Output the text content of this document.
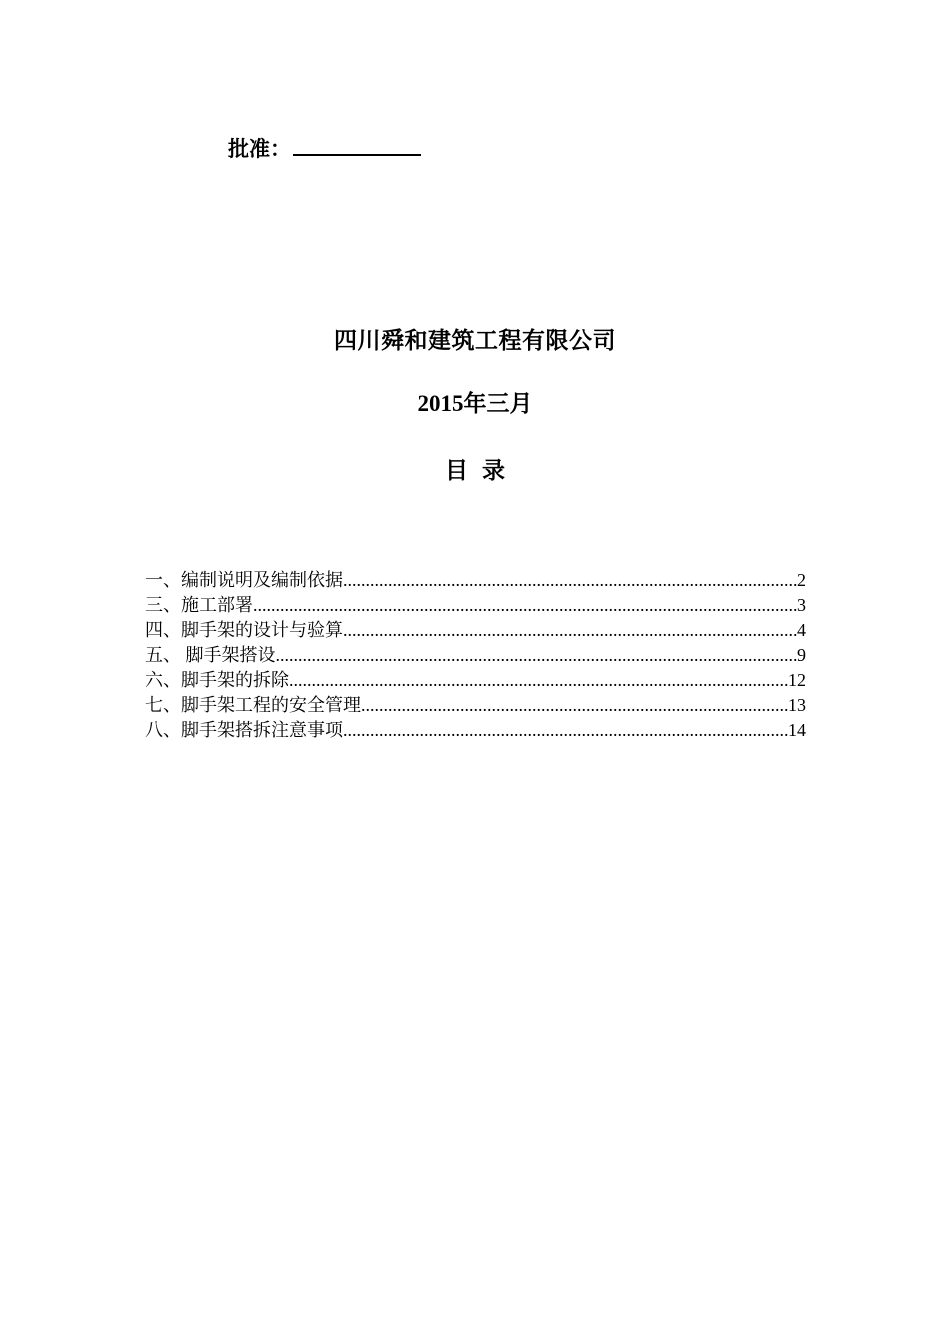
批准：
四川舜和建筑工程有限公司
2015年三月
目录
一、编制说明及编制依据 .....	2
三、施工部署 .....	3
四、脚手架的设计与验算 .....	4
五、 脚手架搭设 .....	9
六、脚手架的拆除 .....	12
七、脚手架工程的安全管理 .....	13
八、脚手架搭拆注意事项 .....	14
